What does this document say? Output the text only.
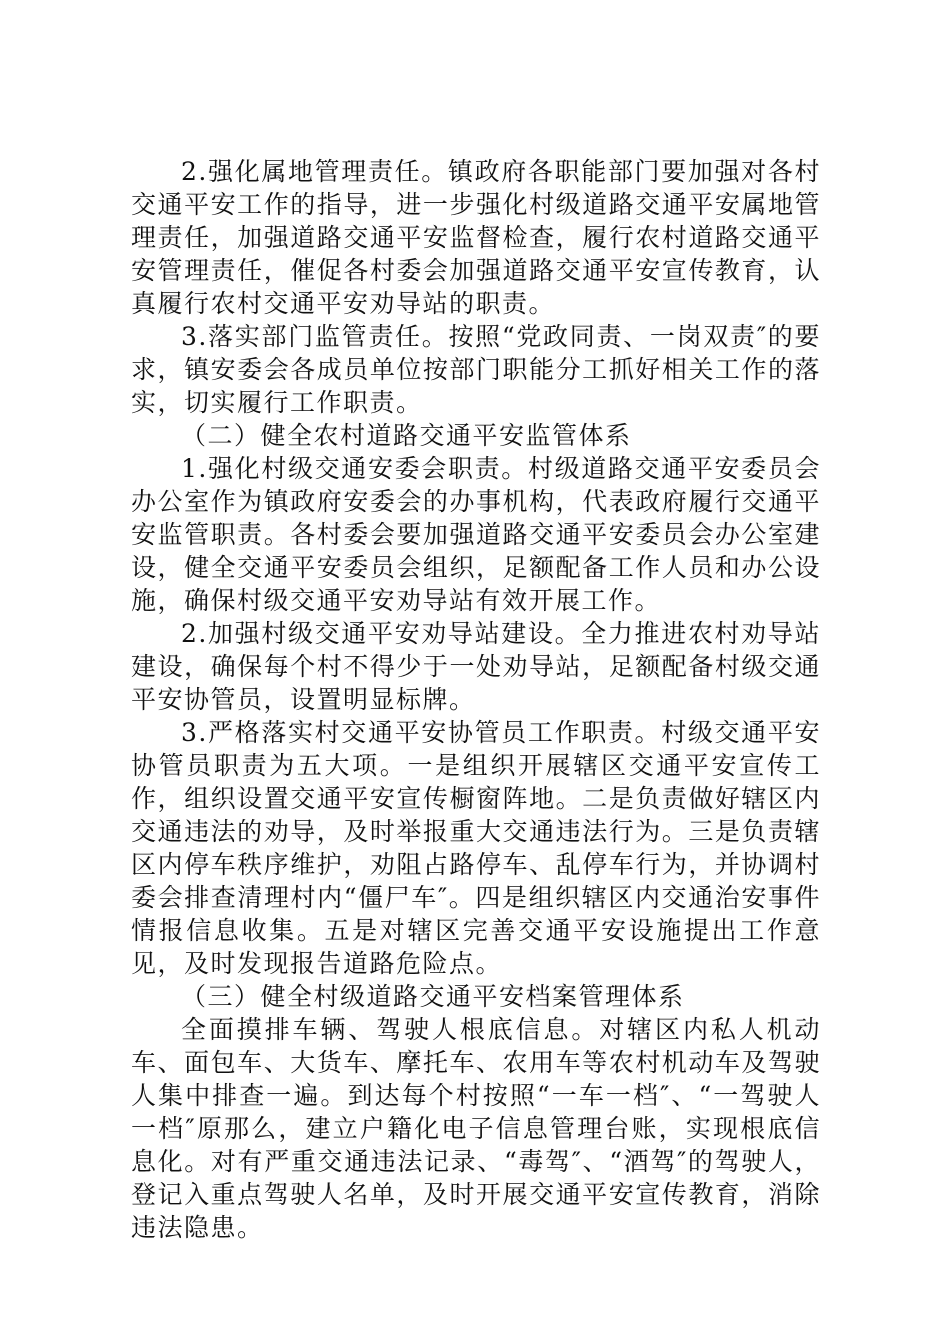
2.强化属地管理责任。镇政府各职能部门要加强对各村交通平安工作的指导，进一步强化村级道路交通平安属地管理责任，加强道路交通平安监督检查，履行农村道路交通平安管理责任，催促各村委会加强道路交通平安宣传教育，认真履行农村交通平安劝导站的职责。

3.落实部门监管责任。按照“党政同责、一岗双责″的要求，镇安委会各成员单位按部门职能分工抓好相关工作的落实，切实履行工作职责。

（二）健全农村道路交通平安监管体系

1.强化村级交通安委会职责。村级道路交通平安委员会办公室作为镇政府安委会的办事机构，代表政府履行交通平安监管职责。各村委会要加强道路交通平安委员会办公室建设，健全交通平安委员会组织，足额配备工作人员和办公设施，确保村级交通平安劝导站有效开展工作。

2.加强村级交通平安劝导站建设。全力推进农村劝导站建设，确保每个村不得少于一处劝导站，足额配备村级交通平安协管员，设置明显标牌。

3.严格落实村交通平安协管员工作职责。村级交通平安协管员职责为五大项。一是组织开展辖区交通平安宣传工作，组织设置交通平安宣传橱窗阵地。二是负责做好辖区内交通违法的劝导，及时举报重大交通违法行为。三是负责辖区内停车秩序维护，劝阻占路停车、乱停车行为，并协调村委会排查清理村内“僵尸车″。四是组织辖区内交通治安事件情报信息收集。五是对辖区完善交通平安设施提出工作意见，及时发现报告道路危险点。

（三）健全村级道路交通平安档案管理体系

全面摸排车辆、驾驶人根底信息。对辖区内私人机动车、面包车、大货车、摩托车、农用车等农村机动车及驾驶人集中排查一遍。到达每个村按照“一车一档″、“一驾驶人一档″原那么，建立户籍化电子信息管理台账，实现根底信息化。对有严重交通违法记录、“毒驾″、“酒驾″的驾驶人，登记入重点驾驶人名单，及时开展交通平安宣传教育，消除违法隐患。
